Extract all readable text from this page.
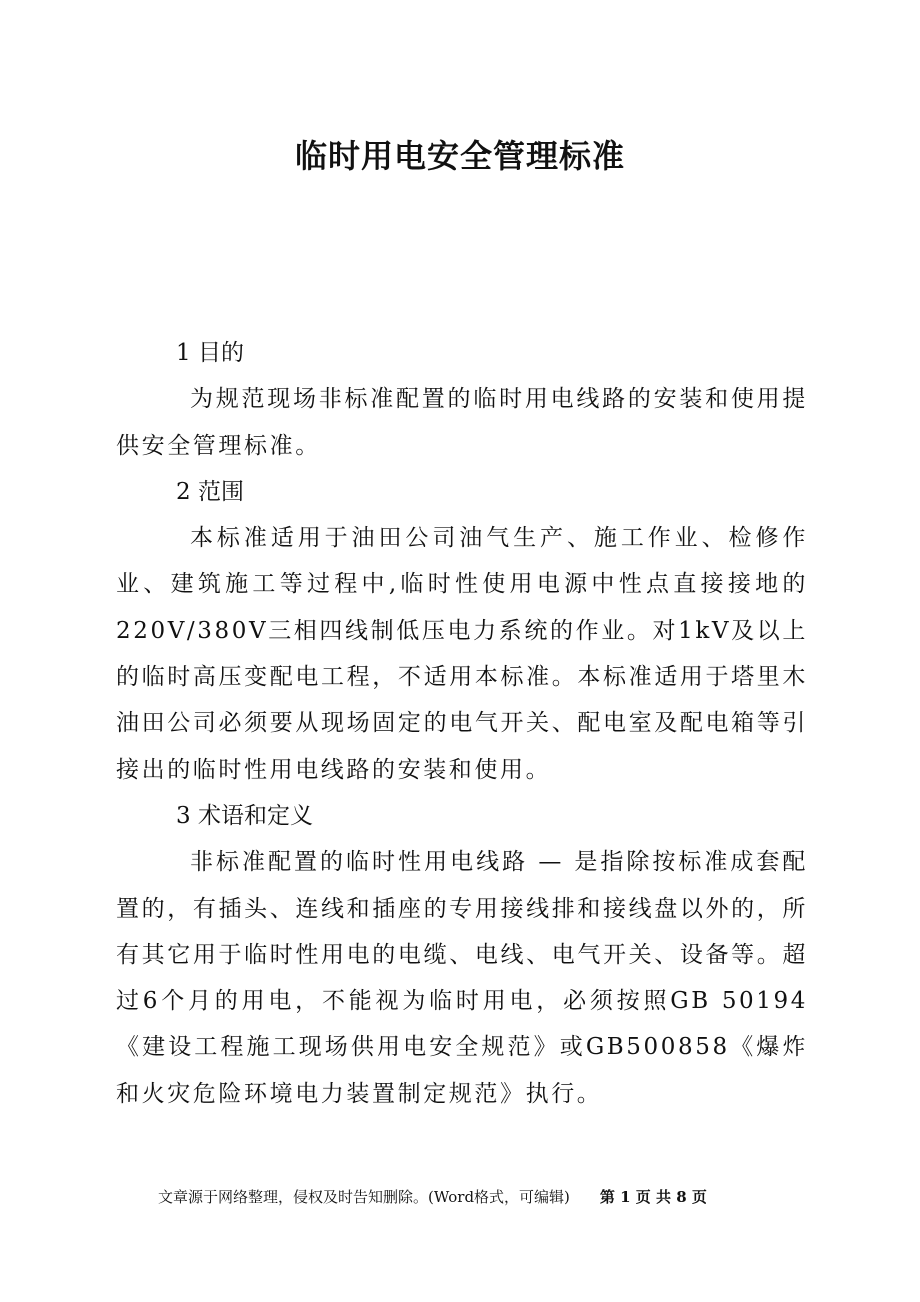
临时用电安全管理标准
1 目的

为规范现场非标准配置的临时用电线路的安装和使用提供安全管理标准。

2 范围

本标准适用于油田公司油气生产、施工作业、检修作业、建筑施工等过程中,临时性使用电源中性点直接接地的220V/380V三相四线制低压电力系统的作业。对1kV及以上的临时高压变配电工程，不适用本标准。本标准适用于塔里木油田公司必须要从现场固定的电气开关、配电室及配电箱等引接出的临时性用电线路的安装和使用。

3 术语和定义

非标准配置的临时性用电线路 — 是指除按标准成套配置的，有插头、连线和插座的专用接线排和接线盘以外的，所有其它用于临时性用电的电缆、电线、电气开关、设备等。超过6个月的用电，不能视为临时用电，必须按照GB 50194《建设工程施工现场供用电安全规范》或GB500858《爆炸和火灾危险环境电力装置制定规范》执行。

文章源于网络整理，侵权及时告知删除。(Word格式，可编辑) 第 1 页 共 8 页
